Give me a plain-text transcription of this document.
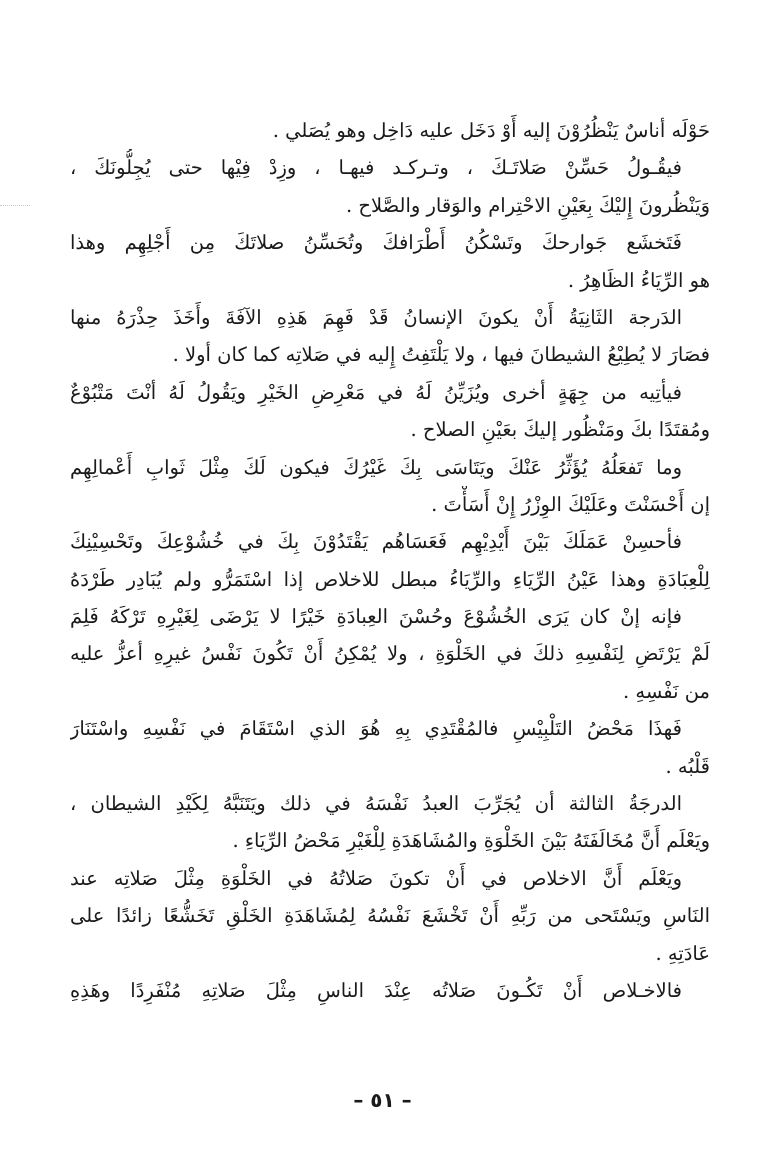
حَوْلَه أناسٌ يَنْظُرُوْنَ إليه أَوْ دَخَل عليه دَاخِل وهو يُصَلي .
فيقُـولُ حَسِّنْ صَلاتَـكَ ، وتـركـد فيهـا ، وزِدْ فِيْها حتى يُجِلُّونَكَ ،
وَيَنْظُرونَ إِليْكَ بِعَيْنِ الاحْتِرام والوَقار والصَّلاح .
فَتَخشَع جَوارحكَ وتَسْكُنُ أَطْرَافكَ وتُحَسِّنُ صلاتَكَ مِن أَجْلِهِم وهذا
هو الرِّيَاءُ الظَاهِرُ .
الدَرجة الثَانِيَةُ أَنْ يكونَ الإنسانُ قَدْ فَهِمَ هَذِهِ الآفَةَ وأَخَذَ حِذْرَهُ منها
فصَارَ لا يُطِيْعُ الشيطانَ فيها ، ولا يَلْتَفِتُ إِليه في صَلاتِه كما كان أولا .
فيأتِيه من جِهَةٍ أخرى ويُزَيِّنُ لَهُ في مَعْرِضِ الخَيْرِ ويَقُولُ لَهُ أنْتَ مَتْبُوْعٌ
ومُقتَدًا بكَ ومَنْظُور إليكَ بعَيْنِ الصلاح .
وما تَفعَلُهُ يُؤَثِّرُ عَنْكَ ويَتَاسَى بِكَ غَيْرُكَ فيكون لَكَ مِثْلَ ثَوابِ أَعْمالِهِم
إن أَحْسَنْتَ وعَلَيْكَ الوِزْرُ إِنْ أَسَأْتَ .
فأحسِنْ عَمَلَكَ بَيْنَ أَيْدِيْهِم فَعَسَاهُم يَقْتَدُوْنَ بِكَ في خُشُوْعِكَ وتَحْسِيْنِكَ
لِلْعِبَادَةِ وهذا عَيْنُ الرِّيَاءِ والرِّيَاءُ مبطل للاخلاص إذا اسْتَمَرُّو ولم يُبَادِر طَرْدَهُ
فإنه إنْ كان يَرَى الخُشُوْعَ وحُسْنَ العِبادَةِ خَيْرًا لا يَرْضَى لِغَيْرِهِ تَرْكَهُ فَلِمَ
لَمْ يَرْتَضِ لِنَفْسِهِ ذلكَ في الخَلْوَةِ ، ولا يُمْكِنُ أَنْ تَكُونَ نَفْسُ غيرِهِ أعزُّ عليه
من نَفْسِهِ .
فَهذَا مَحْضُ التَلْبِيْسِ فالمُقْتَدِي بِهِ هُوَ الذي اسْتَقَامَ في نَفْسِهِ واسْتَنَارَ
قَلْبُه .
الدرجَةُ الثالثة أن يُجَرِّبَ العبدُ نَفْسَهُ في ذلك ويَتَنَبَّهُ لِكَيْدِ الشيطان ،
ويَعْلَم أَنَّ مُخَالَفَتَهُ بَيْنَ الخَلْوَةِ والمُشَاهَدَةِ لِلْغَيْرِ مَحْضُ الرِّيَاءِ .
ويَعْلَم أَنَّ الاخلاص في أَنْ تكونَ صَلاتُهُ في الخَلْوَةِ مِثْلَ صَلاتِه عند
النَاسِ ويَسْتَحى من رَبِّهِ أَنْ تَخْشَعَ نَفْسُهُ لِمُشَاهَدَةِ الخَلْقِ تَخَشُّعًا زائدًا على
عَادَتِهِ .
فالاخـلاص أَنْ تَكُـونَ صَلاتُه عِنْدَ الناسِ مِثْلَ صَلاتِهِ مُنْفَرِدًا وهَذِهِ
– ٥١ –
